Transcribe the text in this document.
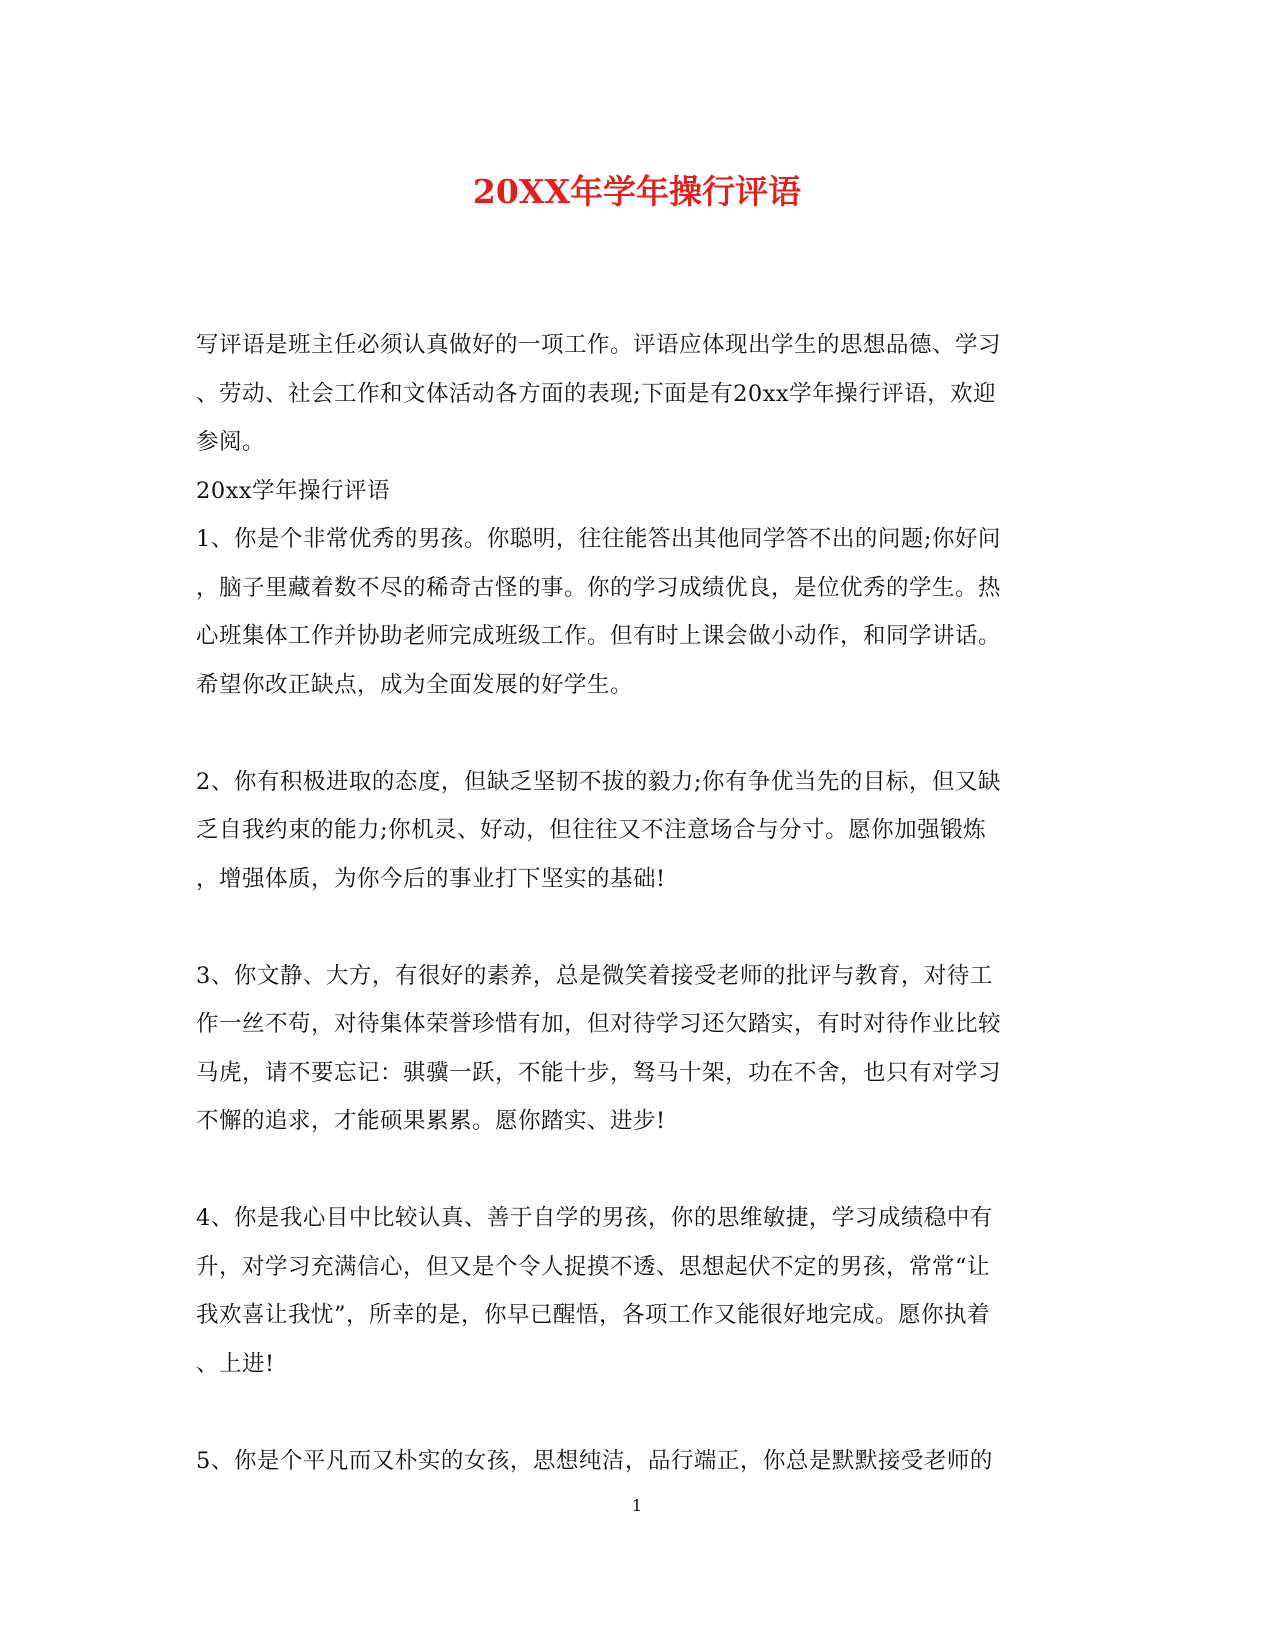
20XX年学年操行评语

写评语是班主任必须认真做好的一项工作。评语应体现出学生的思想品德、学习
、劳动、社会工作和文体活动各方面的表现;下面是有20xx学年操行评语，欢迎
参阅。

20xx学年操行评语

1、你是个非常优秀的男孩。你聪明，往往能答出其他同学答不出的问题;你好问
，脑子里藏着数不尽的稀奇古怪的事。你的学习成绩优良，是位优秀的学生。热
心班集体工作并协助老师完成班级工作。但有时上课会做小动作，和同学讲话。
希望你改正缺点，成为全面发展的好学生。

2、你有积极进取的态度，但缺乏坚韧不拔的毅力;你有争优当先的目标，但又缺
乏自我约束的能力;你机灵、好动，但往往又不注意场合与分寸。愿你加强锻炼
，增强体质，为你今后的事业打下坚实的基础!

3、你文静、大方，有很好的素养，总是微笑着接受老师的批评与教育，对待工
作一丝不苟，对待集体荣誉珍惜有加，但对待学习还欠踏实，有时对待作业比较
马虎，请不要忘记：骐骥一跃，不能十步，驽马十架，功在不舍，也只有对学习
不懈的追求，才能硕果累累。愿你踏实、进步!

4、你是我心目中比较认真、善于自学的男孩，你的思维敏捷，学习成绩稳中有
升，对学习充满信心，但又是个令人捉摸不透、思想起伏不定的男孩，常常“让
我欢喜让我忧”，所幸的是，你早已醒悟，各项工作又能很好地完成。愿你执着
、上进!

5、你是个平凡而又朴实的女孩，思想纯洁，品行端正，你总是默默接受老师的

1
